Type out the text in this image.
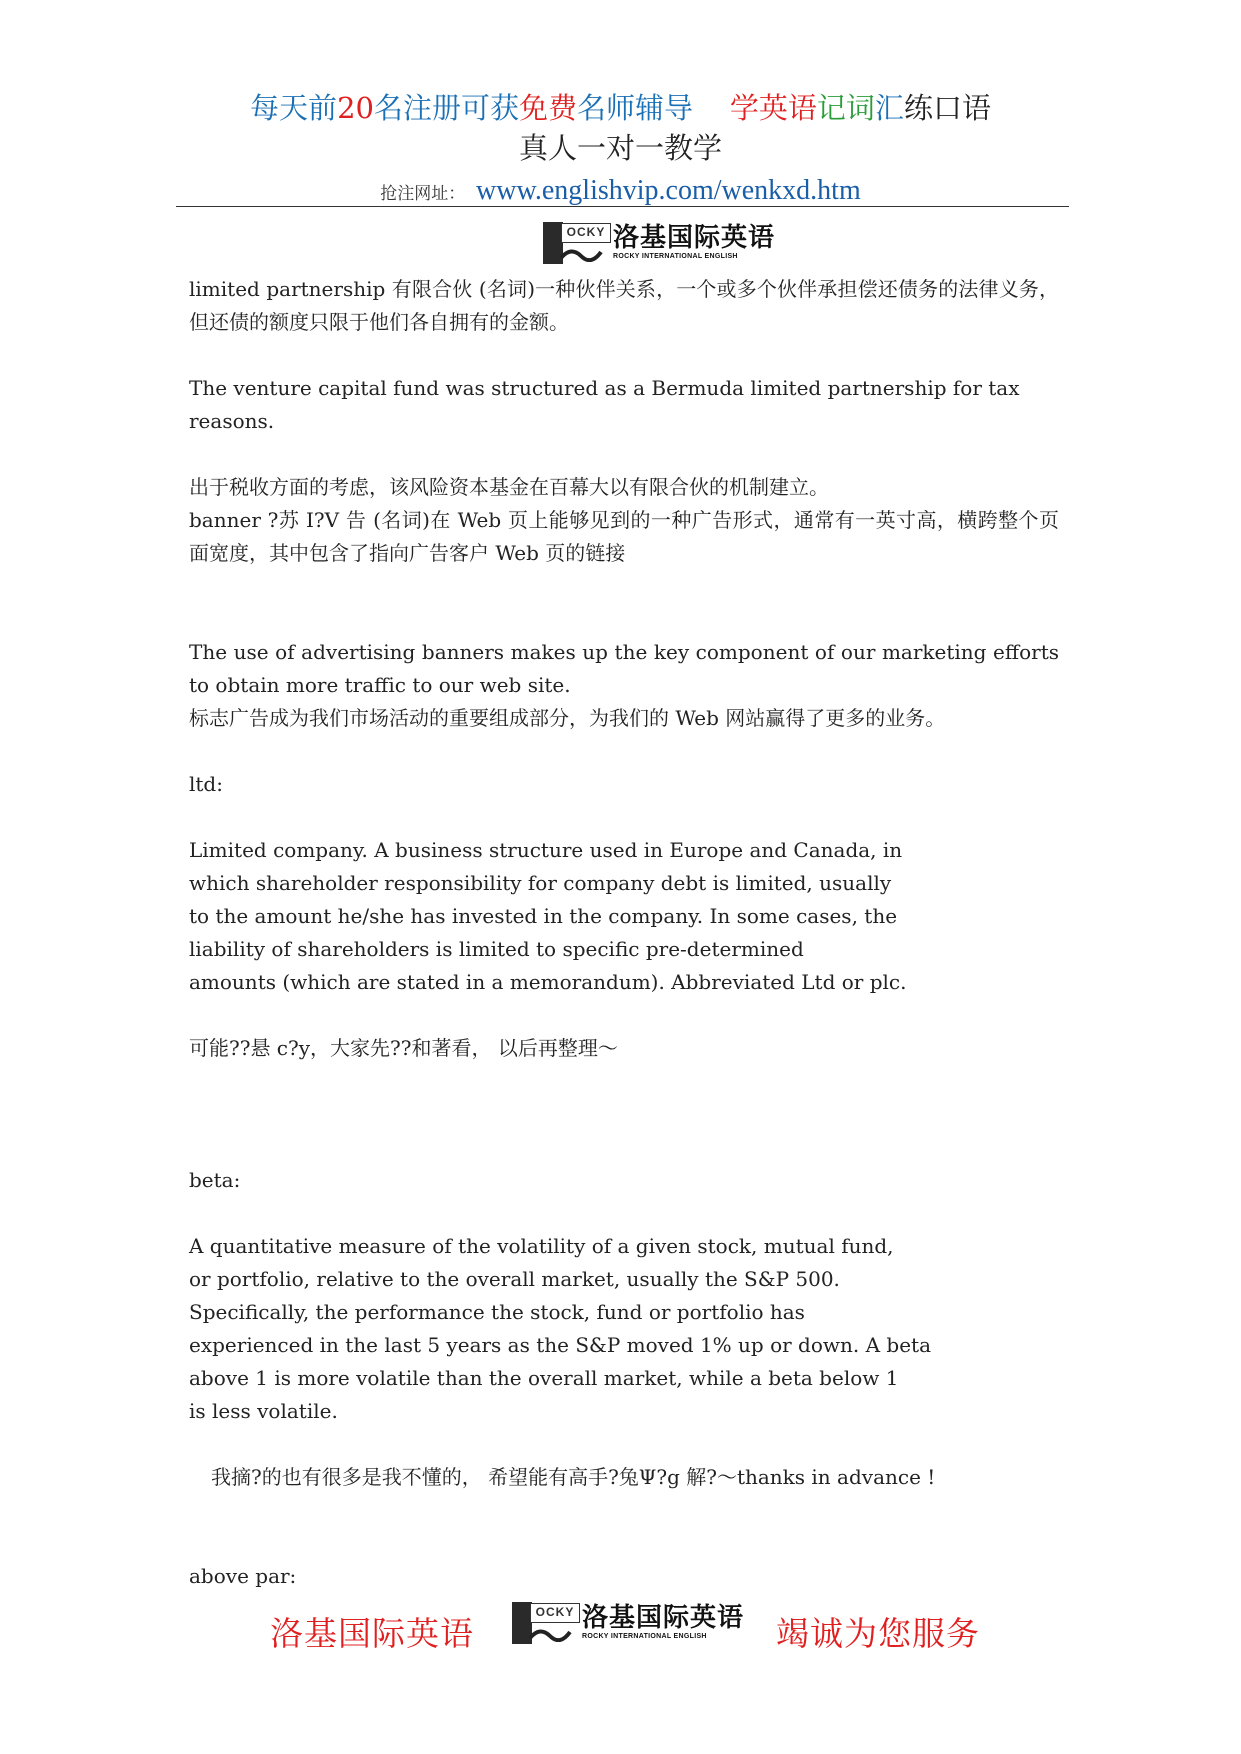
每天前20名注册可获免费名师辅导 学英语记词汇练口语
真人一对一教学
抢注网址： www.englishvip.com/wenkxd.htm
OCKY 洛基国际英语
ROCKY INTERNATIONAL ENGLISH

limited partnership 有限合伙 (名词)一种伙伴关系，一个或多个伙伴承担偿还债务的法律义务，但还债的额度只限于他们各自拥有的金额。

The venture capital fund was structured as a Bermuda limited partnership for tax reasons.

出于税收方面的考虑，该风险资本基金在百幕大以有限合伙的机制建立。

banner ?苏 I?V 告 (名词)在 Web 页上能够见到的一种广告形式，通常有一英寸高，横跨整个页面宽度，其中包含了指向广告客户 Web 页的链接

The use of advertising banners makes up the key component of our marketing efforts to obtain more traffic to our web site.

标志广告成为我们市场活动的重要组成部分，为我们的 Web 网站赢得了更多的业务。

ltd:

Limited company. A business structure used in Europe and Canada, in

which shareholder responsibility for company debt is limited, usually

to the amount he/she has invested in the company. In some cases, the

liability of shareholders is limited to specific pre-determined

amounts (which are stated in a memorandum). Abbreviated Ltd or plc.

可能??悬 c?y，大家先??和著看， 以后再整理～

beta:

A quantitative measure of the volatility of a given stock, mutual fund,

or portfolio, relative to the overall market, usually the S&P 500.

Specifically, the performance the stock, fund or portfolio has

experienced in the last 5 years as the S&P moved 1% up or down. A beta

above 1 is more volatile than the overall market, while a beta below 1

is less volatile.

我摘?的也有很多是我不懂的， 希望能有高手?兔Ψ?g 解?～thanks in advance !

above par:

洛基国际英语
OCKY 洛基国际英语
ROCKY INTERNATIONAL ENGLISH	竭诚为您服务
